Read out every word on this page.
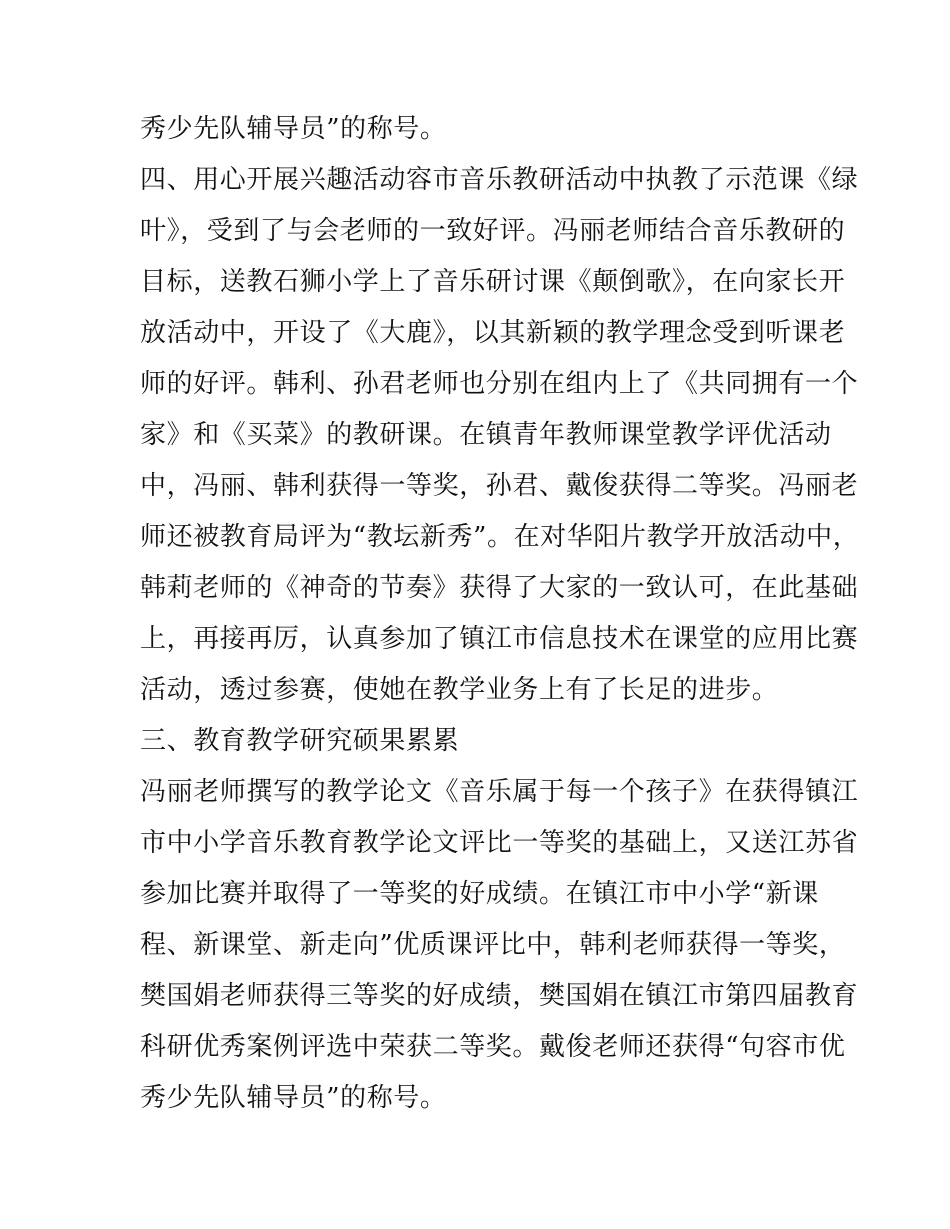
秀少先队辅导员”的称号。
四、用心开展兴趣活动容市音乐教研活动中执教了示范课《绿
叶》，受到了与会老师的一致好评。冯丽老师结合音乐教研的
目标，送教石狮小学上了音乐研讨课《颠倒歌》，在向家长开
放活动中，开设了《大鹿》，以其新颖的教学理念受到听课老
师的好评。韩利、孙君老师也分别在组内上了《共同拥有一个
家》和《买菜》的教研课。在镇青年教师课堂教学评优活动
中，冯丽、韩利获得一等奖，孙君、戴俊获得二等奖。冯丽老
师还被教育局评为“教坛新秀”。在对华阳片教学开放活动中，
韩莉老师的《神奇的节奏》获得了大家的一致认可，在此基础
上，再接再厉，认真参加了镇江市信息技术在课堂的应用比赛
活动，透过参赛，使她在教学业务上有了长足的进步。
三、教育教学研究硕果累累
冯丽老师撰写的教学论文《音乐属于每一个孩子》在获得镇江
市中小学音乐教育教学论文评比一等奖的基础上，又送江苏省
参加比赛并取得了一等奖的好成绩。在镇江市中小学“新课
程、新课堂、新走向”优质课评比中，韩利老师获得一等奖，
樊国娟老师获得三等奖的好成绩，樊国娟在镇江市第四届教育
科研优秀案例评选中荣获二等奖。戴俊老师还获得“句容市优
秀少先队辅导员”的称号。
